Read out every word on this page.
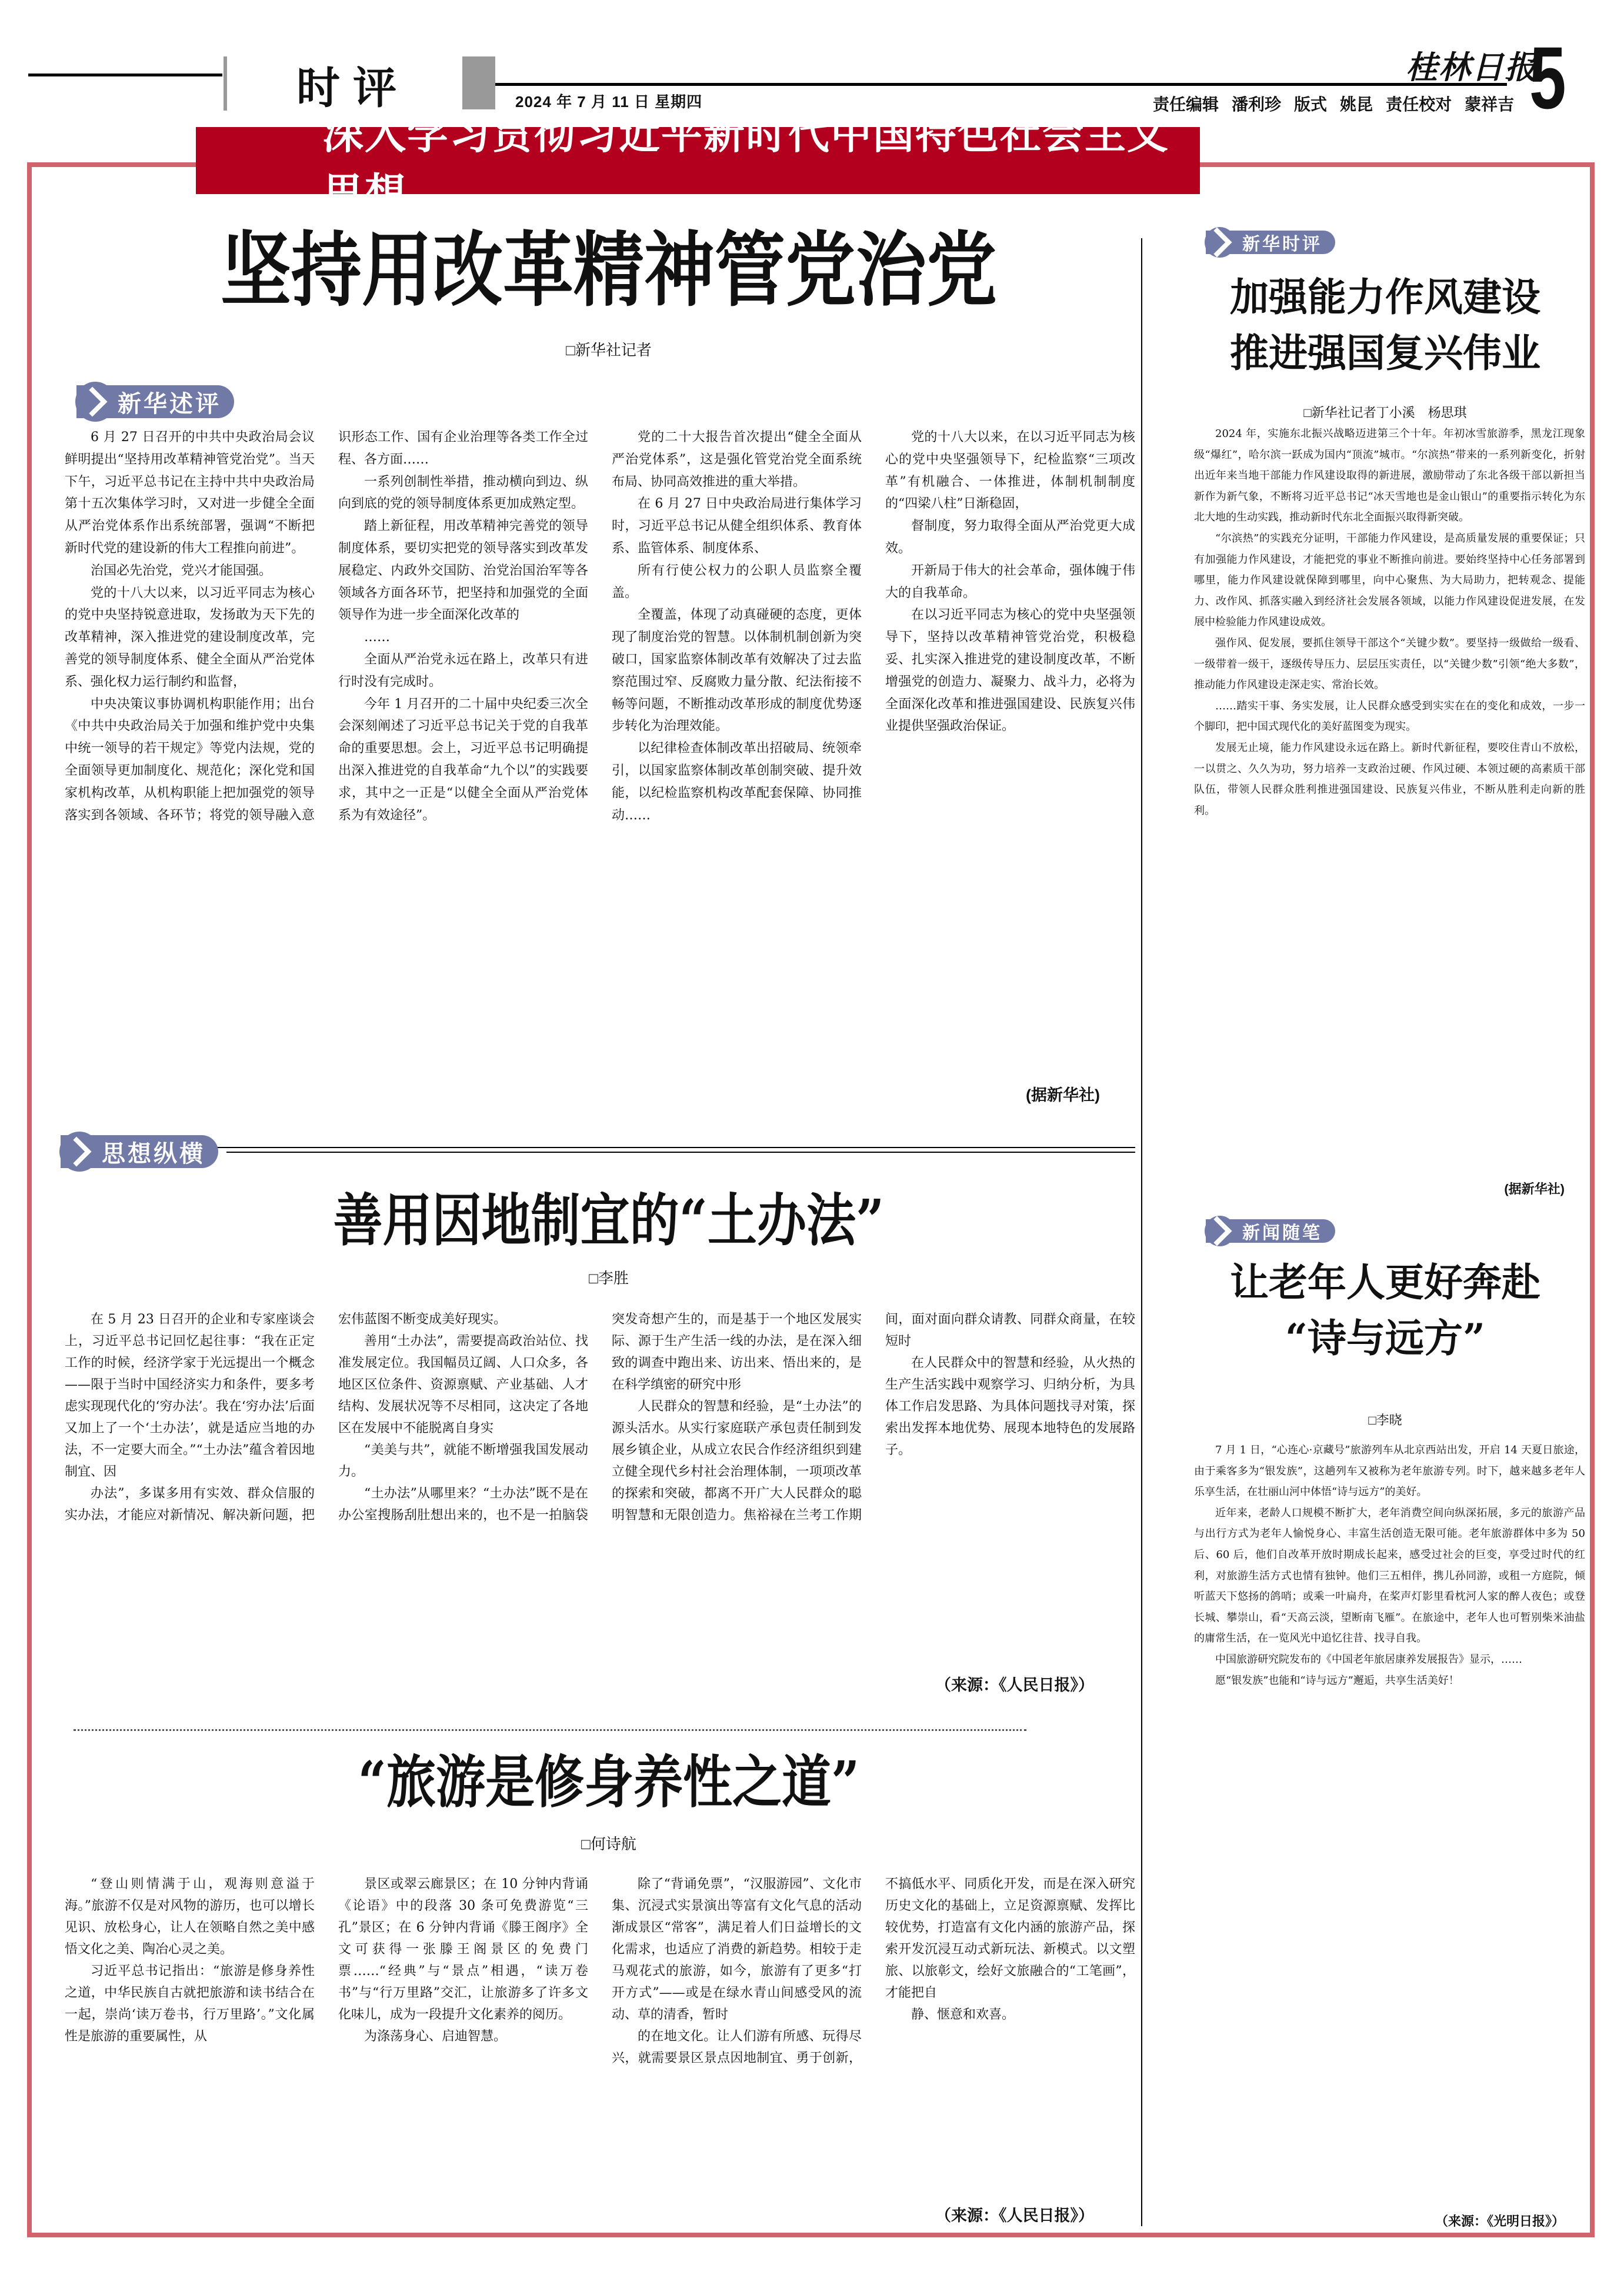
时评	2024 年 7 月 11 日 星期四
桂林日报
5
责任编辑 潘利珍 版式 姚昆 责任校对 蒙祥吉
深入学习贯彻习近平新时代中国特色社会主义思想
坚持用改革精神管党治党
□新华社记者
新华述评

6 月 27 日召开的中共中央政治局会议鲜明提出“坚持用改革精神管党治党”。当天下午，习近平总书记在主持中共中央政治局第十五次集体学习时，又对进一步健全全面从严治党体系作出系统部署，强调“不断把新时代党的建设新的伟大工程推向前进”。

治国必先治党，党兴才能国强。

党的十八大以来，以习近平同志为核心的党中央坚持锐意进取，发扬敢为天下先的改革精神，深入推进党的建设制度改革，完善党的领导制度体系、健全全面从严治党体系、强化权力运行制约和监督，

中央决策议事协调机构职能作用；出台《中共中央政治局关于加强和维护党中央集中统一领导的若干规定》等党内法规，党的全面领导更加制度化、规范化；深化党和国家机构改革，从机构职能上把加强党的领导落实到各领域、各环节；将党的领导融入意识形态工作、国有企业治理等各类工作全过程、各方面……

一系列创制性举措，推动横向到边、纵向到底的党的领导制度体系更加成熟定型。

踏上新征程，用改革精神完善党的领导制度体系，要切实把党的领导落实到改革发展稳定、内政外交国防、治党治国治军等各领域各方面各环节，把坚持和加强党的全面领导作为进一步全面深化改革的

……

全面从严治党永远在路上，改革只有进行时没有完成时。

今年 1 月召开的二十届中央纪委三次全会深刻阐述了习近平总书记关于党的自我革命的重要思想。会上，习近平总书记明确提出深入推进党的自我革命“九个以”的实践要求，其中之一正是“以健全全面从严治党体系为有效途径”。

党的二十大报告首次提出“健全全面从严治党体系”，这是强化管党治党全面系统布局、协同高效推进的重大举措。

在 6 月 27 日中央政治局进行集体学习时，习近平总书记从健全组织体系、教育体系、监管体系、制度体系、

所有行使公权力的公职人员监察全覆盖。

全覆盖，体现了动真碰硬的态度，更体现了制度治党的智慧。以体制机制创新为突破口，国家监察体制改革有效解决了过去监察范围过窄、反腐败力量分散、纪法衔接不畅等问题，不断推动改革形成的制度优势逐步转化为治理效能。

以纪律检查体制改革出招破局、统领牵引，以国家监察体制改革创制突破、提升效能，以纪检监察机构改革配套保障、协同推动……

党的十八大以来，在以习近平同志为核心的党中央坚强领导下，纪检监察“三项改革”有机融合、一体推进，体制机制制度的“四梁八柱”日渐稳固，

督制度，努力取得全面从严治党更大成效。

开新局于伟大的社会革命，强体魄于伟大的自我革命。

在以习近平同志为核心的党中央坚强领导下，坚持以改革精神管党治党，积极稳妥、扎实深入推进党的建设制度改革，不断增强党的创造力、凝聚力、战斗力，必将为全面深化改革和推进强国建设、民族复兴伟业提供坚强政治保证。

(据新华社)
思想纵横
善用因地制宜的“土办法”
□李胜

在 5 月 23 日召开的企业和专家座谈会上，习近平总书记回忆起往事：“我在正定工作的时候，经济学家于光远提出一个概念——限于当时中国经济实力和条件，要多考虑实现现代化的‘穷办法’。我在‘穷办法’后面又加上了一个‘土办法’，就是适应当地的办法，不一定要大而全。”“土办法”蕴含着因地制宜、因

办法”，多谋多用有实效、群众信服的实办法，才能应对新情况、解决新问题，把宏伟蓝图不断变成美好现实。

善用“土办法”，需要提高政治站位、找准发展定位。我国幅员辽阔、人口众多，各地区区位条件、资源禀赋、产业基础、人才结构、发展状况等不尽相同，这决定了各地区在发展中不能脱离自身实

“美美与共”，就能不断增强我国发展动力。

“土办法”从哪里来？“土办法”既不是在办公室搜肠刮肚想出来的，也不是一拍脑袋突发奇想产生的，而是基于一个地区发展实际、源于生产生活一线的办法，是在深入细致的调查中跑出来、访出来、悟出来的，是在科学缜密的研究中形

人民群众的智慧和经验，是“土办法”的源头活水。从实行家庭联产承包责任制到发展乡镇企业，从成立农民合作经济组织到建立健全现代乡村社会治理体制，一项项改革的探索和突破，都离不开广大人民群众的聪明智慧和无限创造力。焦裕禄在兰考工作期间，面对面向群众请教、同群众商量，在较短时

在人民群众中的智慧和经验，从火热的生产生活实践中观察学习、归纳分析，为具体工作启发思路、为具体问题找寻对策，探索出发挥本地优势、展现本地特色的发展路子。

（来源：《人民日报》）
“旅游是修身养性之道”
□何诗航

“登山则情满于山，观海则意溢于海。”旅游不仅是对风物的游历，也可以增长见识、放松身心，让人在领略自然之美中感悟文化之美、陶冶心灵之美。

习近平总书记指出：“旅游是修身养性之道，中华民族自古就把旅游和读书结合在一起，崇尚‘读万卷书，行万里路’。”文化属性是旅游的重要属性，从

景区或翠云廊景区；在 10 分钟内背诵《论语》中的段落 30 条可免费游览“三孔”景区；在 6 分钟内背诵《滕王阁序》全文可获得一张滕王阁景区的免费门票……“经典”与“景点”相遇，“读万卷书”与“行万里路”交汇，让旅游多了许多文化味儿，成为一段提升文化素养的阅历。

为涤荡身心、启迪智慧。

除了“背诵免票”，“汉服游园”、文化市集、沉浸式实景演出等富有文化气息的活动渐成景区“常客”，满足着人们日益增长的文化需求，也适应了消费的新趋势。相较于走马观花式的旅游，如今，旅游有了更多“打开方式”——或是在绿水青山间感受风的流动、草的清香，暂时

的在地文化。让人们游有所感、玩得尽兴，就需要景区景点因地制宜、勇于创新，不搞低水平、同质化开发，而是在深入研究历史文化的基础上，立足资源禀赋、发挥比较优势，打造富有文化内涵的旅游产品，探索开发沉浸互动式新玩法、新模式。以文塑旅、以旅彰文，绘好文旅融合的“工笔画”，才能把自

静、惬意和欢喜。

（来源：《人民日报》）
新华时评
加强能力作风建设
推进强国复兴伟业
□新华社记者丁小溪　杨思琪

2024 年，实施东北振兴战略迈进第三个十年。年初冰雪旅游季，黑龙江现象级“爆红”，哈尔滨一跃成为国内“顶流”城市。“尔滨热”带来的一系列新变化，折射出近年来当地干部能力作风建设取得的新进展，激励带动了东北各级干部以新担当新作为新气象，不断将习近平总书记“冰天雪地也是金山银山”的重要指示转化为东北大地的生动实践，推动新时代东北全面振兴取得新突破。

“尔滨热”的实践充分证明，干部能力作风建设，是高质量发展的重要保证；只有加强能力作风建设，才能把党的事业不断推向前进。要始终坚持中心任务部署到哪里，能力作风建设就保障到哪里，向中心聚焦、为大局助力，把转观念、提能力、改作风、抓落实融入到经济社会发展各领域，以能力作风建设促进发展，在发展中检验能力作风建设成效。

强作风、促发展，要抓住领导干部这个“关键少数”。要坚持一级做给一级看、一级带着一级干，逐级传导压力、层层压实责任，以“关键少数”引领“绝大多数”，推动能力作风建设走深走实、常治长效。

……踏实干事、务实发展，让人民群众感受到实实在在的变化和成效，一步一个脚印，把中国式现代化的美好蓝图变为现实。

发展无止境，能力作风建设永远在路上。新时代新征程，要咬住青山不放松，一以贯之、久久为功，努力培养一支政治过硬、作风过硬、本领过硬的高素质干部队伍，带领人民群众胜利推进强国建设、民族复兴伟业，不断从胜利走向新的胜利。

(据新华社)
新闻随笔
让老年人更好奔赴
“诗与远方”
□李晓

7 月 1 日，“心连心·京藏号”旅游列车从北京西站出发，开启 14 天夏日旅途，由于乘客多为“银发族”，这趟列车又被称为老年旅游专列。时下，越来越多老年人乐享生活，在壮丽山河中体悟“诗与远方”的美好。

近年来，老龄人口规模不断扩大，老年消费空间向纵深拓展，多元的旅游产品与出行方式为老年人愉悦身心、丰富生活创造无限可能。老年旅游群体中多为 50 后、60 后，他们自改革开放时期成长起来，感受过社会的巨变，享受过时代的红利，对旅游生活方式也情有独钟。他们三五相伴，携儿孙同游，或租一方庭院，倾听蓝天下悠扬的鸽哨；或乘一叶扁舟，在桨声灯影里看枕河人家的醉人夜色；或登长城、攀崇山，看“天高云淡，望断南飞雁”。在旅途中，老年人也可暂别柴米油盐的庸常生活，在一览风光中追忆往昔、找寻自我。

中国旅游研究院发布的《中国老年旅居康养发展报告》显示，……

愿“银发族”也能和“诗与远方”邂逅，共享生活美好！

（来源：《光明日报》）
